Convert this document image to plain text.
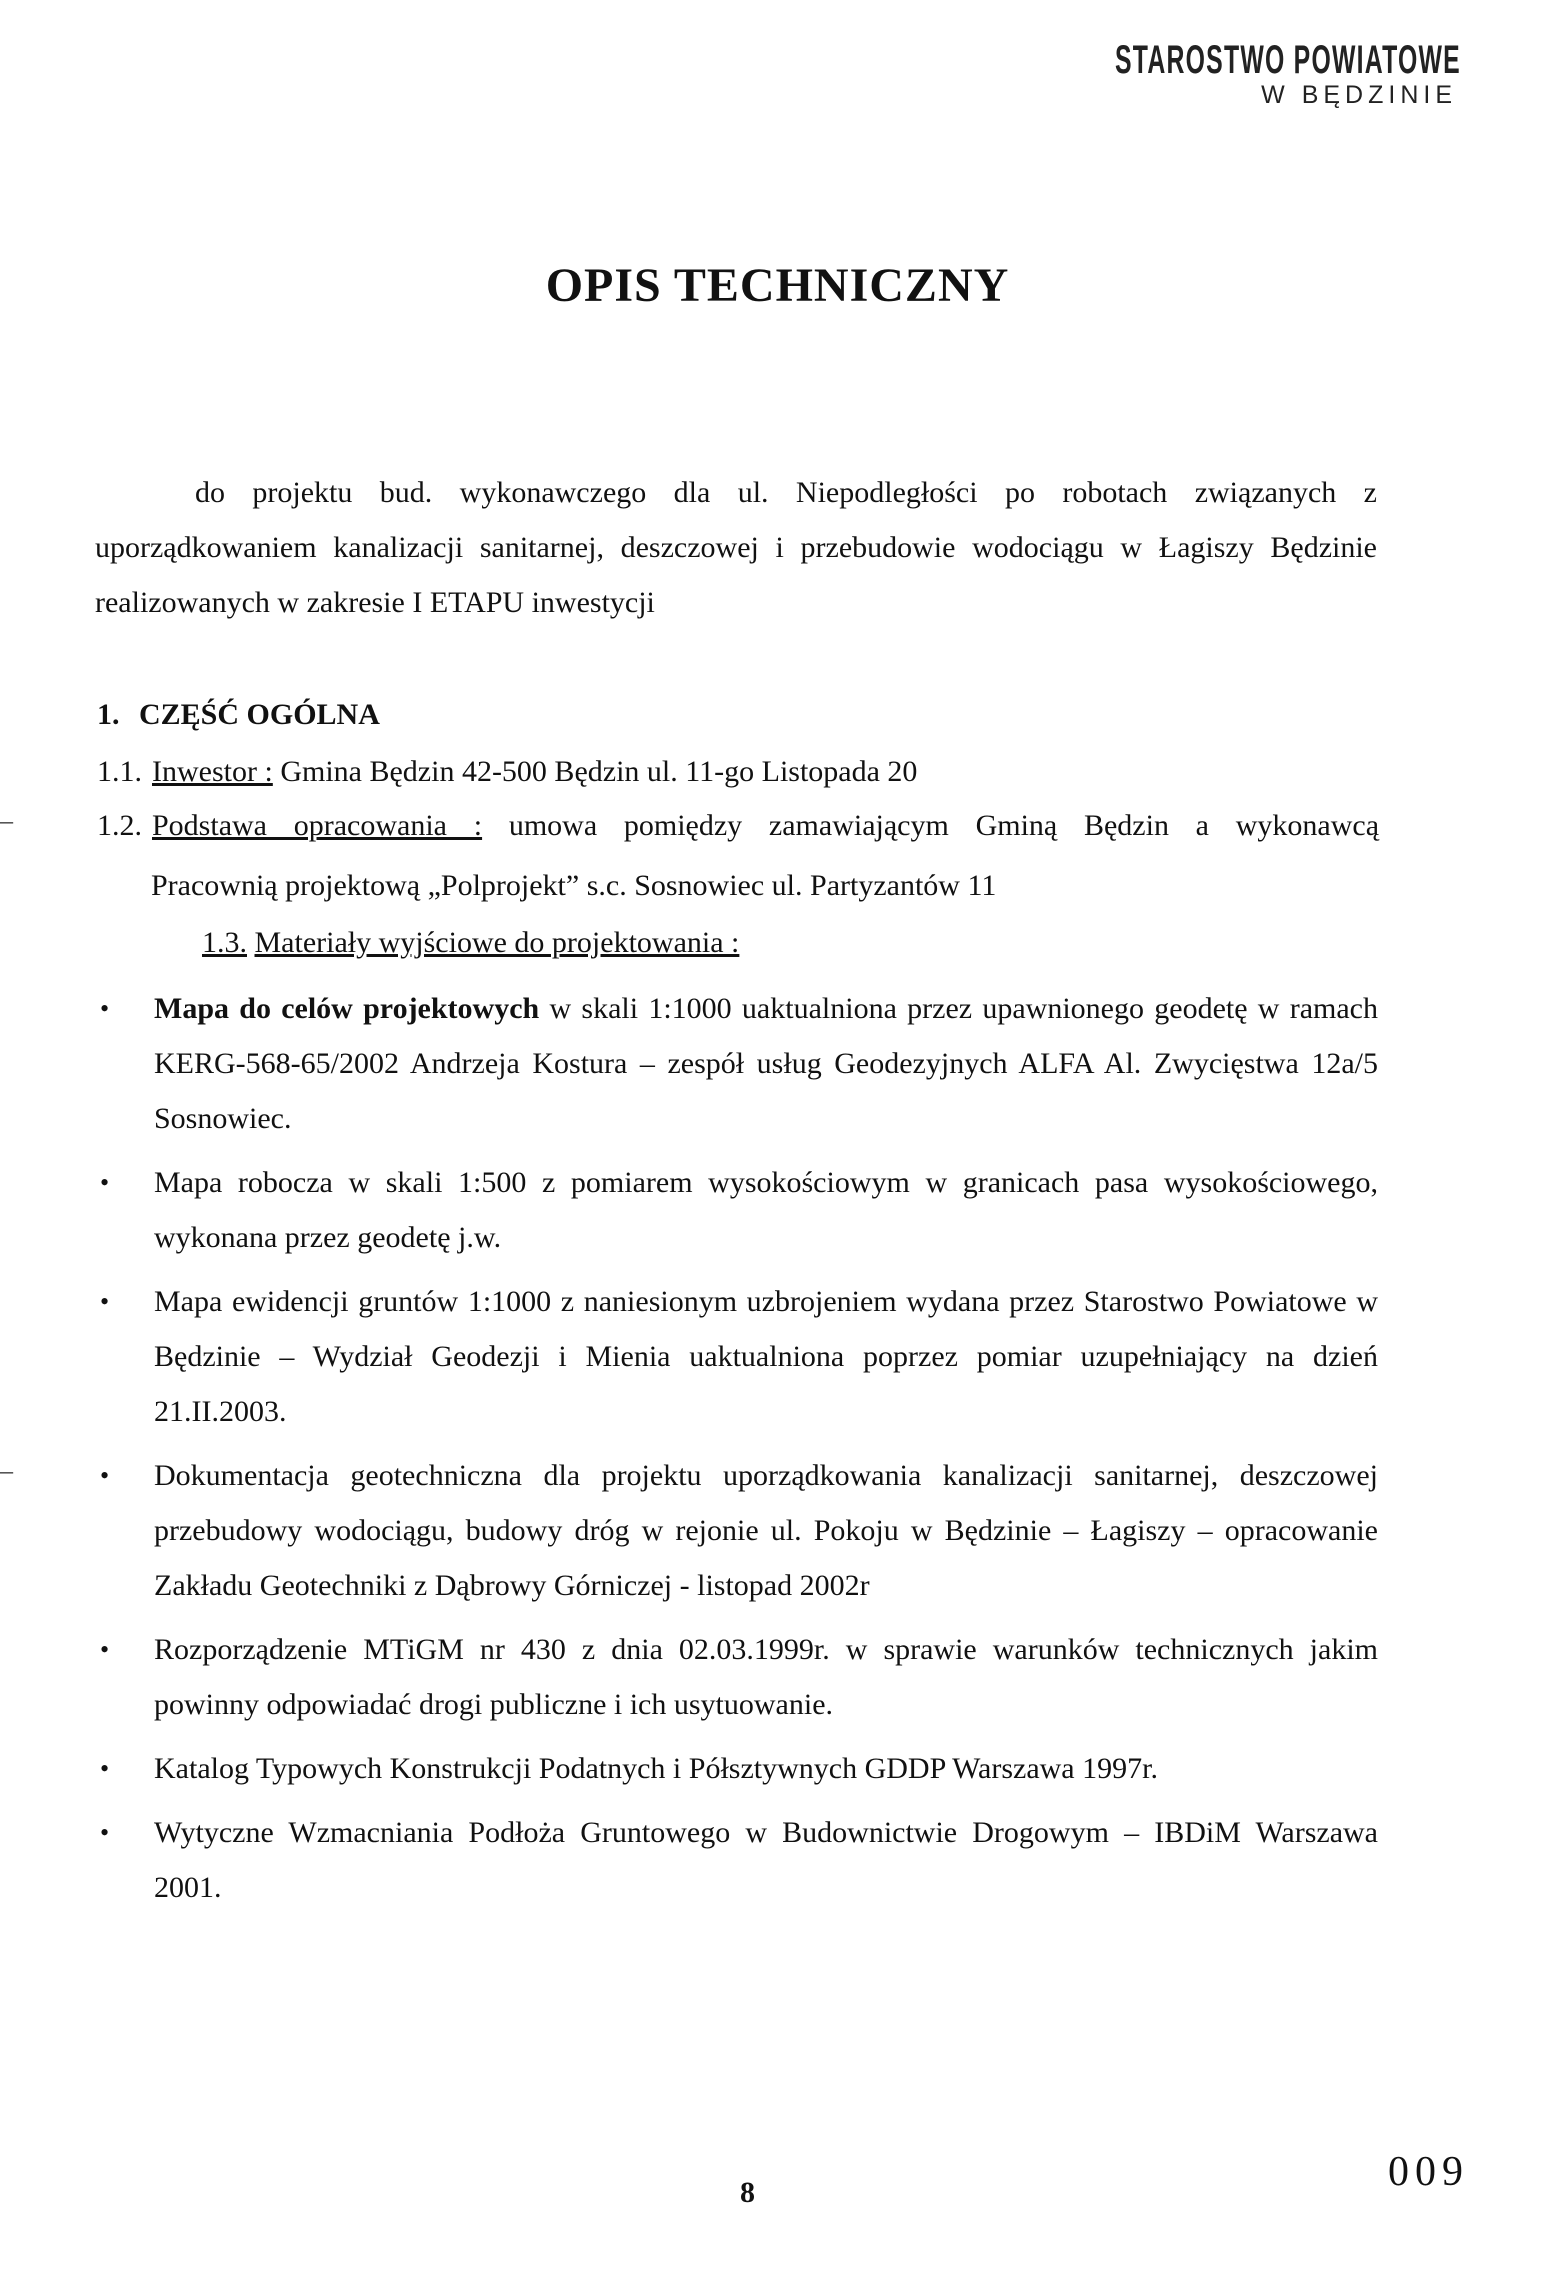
STAROSTWO POWIATOWE
W BĘDZINIE
OPIS TECHNICZNY

do projektu bud. wykonawczego dla ul. Niepodległości po robotach związanych z uporządkowaniem kanalizacji sanitarnej, deszczowej i przebudowie wodociągu w Łagiszy Będzinie realizowanych w zakresie I ETAPU inwestycji

1. CZĘŚĆ OGÓLNA
1.1. Inwestor : Gmina Będzin 42-500 Będzin ul. 11-go Listopada 20
–	1.2. Podstawa opracowania : umowa pomiędzy zamawiającym Gminą Będzin a wykonawcą
Pracownią projektową „Polprojekt” s.c. Sosnowiec ul. Partyzantów 11
1.3. Materiały wyjściowe do projektowania :
• Mapa do celów projektowych w skali 1:1000 uaktualniona przez upawnionego geodetę w ramach KERG-568-65/2002 Andrzeja Kostura – zespół usług Geodezyjnych ALFA Al. Zwycięstwa 12a/5 Sosnowiec.
• Mapa robocza w skali 1:500 z pomiarem wysokościowym w granicach pasa wysokościowego, wykonana przez geodetę j.w.
• Mapa ewidencji gruntów 1:1000 z naniesionym uzbrojeniem wydana przez Starostwo Powiatowe w Będzinie – Wydział Geodezji i Mienia uaktualniona poprzez pomiar uzupełniający na dzień 21.II.2003.
• Dokumentacja geotechniczna dla projektu uporządkowania kanalizacji sanitarnej, deszczowej przebudowy wodociągu, budowy dróg w rejonie ul. Pokoju w Będzinie – Łagiszy – opracowanie Zakładu Geotechniki z Dąbrowy Górniczej - listopad 2002r
• Rozporządzenie MTiGM nr 430 z dnia 02.03.1999r. w sprawie warunków technicznych jakim powinny odpowiadać drogi publiczne i ich usytuowanie.
• Katalog Typowych Konstrukcji Podatnych i Półsztywnych GDDP Warszawa 1997r.
• Wytyczne Wzmacniania Podłoża Gruntowego w Budownictwie Drogowym – IBDiM Warszawa 2001.
–
8	009
